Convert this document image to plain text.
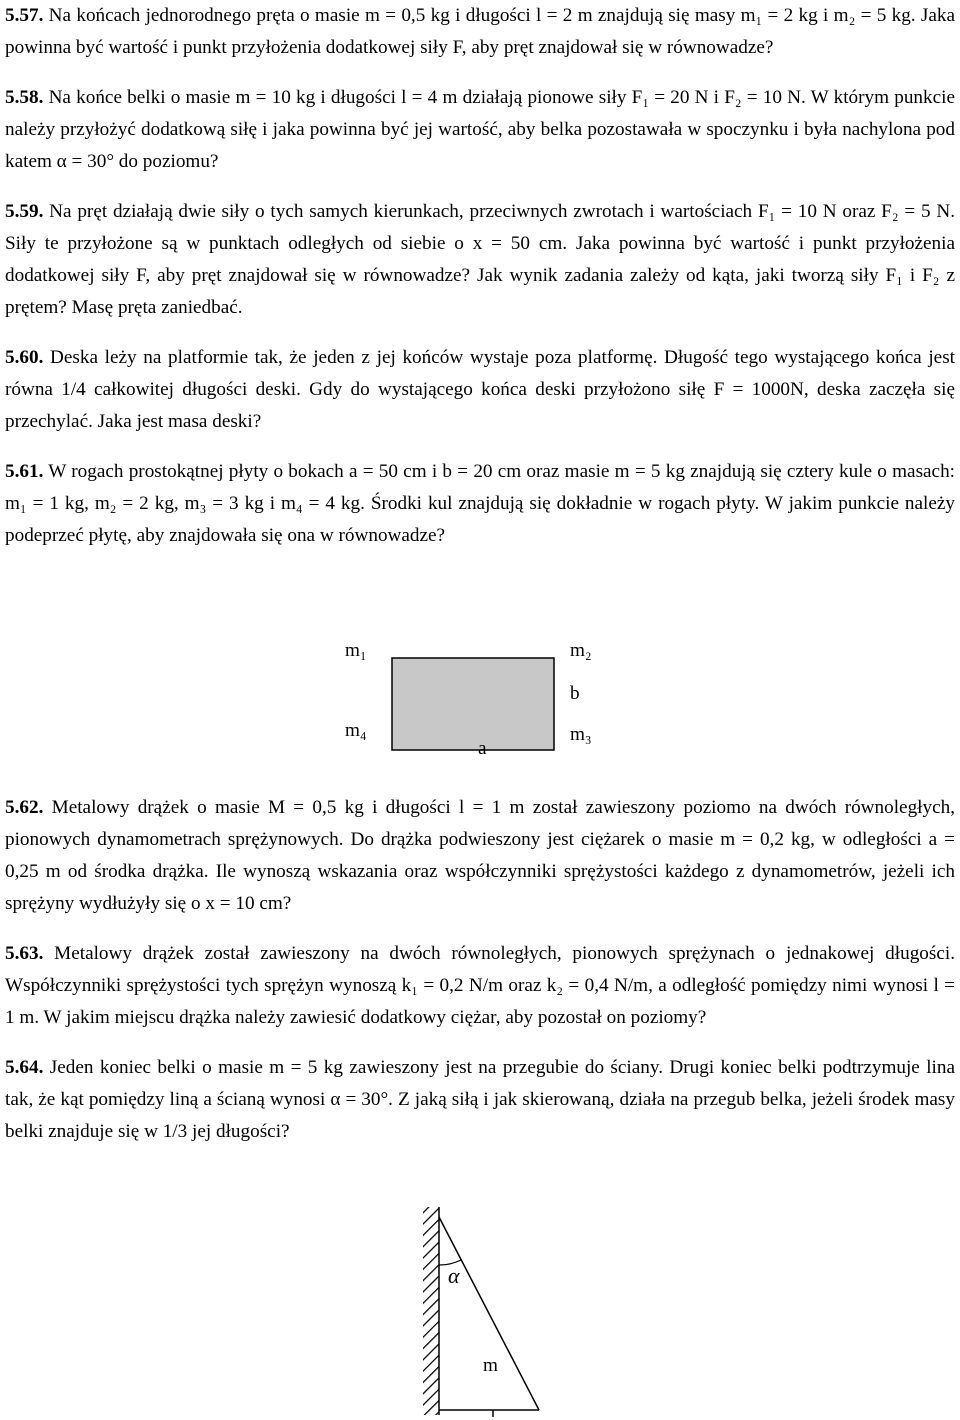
5.57. Na końcach jednorodnego pręta o masie m = 0,5 kg i długości l = 2 m znajdują się masy m₁ = 2 kg i m₂ = 5 kg. Jaka powinna być wartość i punkt przyłożenia dodatkowej siły F, aby pręt znajdował się w równowadze?

5.58. Na końce belki o masie m = 10 kg i długości l = 4 m działają pionowe siły F₁ = 20 N i F₂ = 10 N. W którym punkcie należy przyłożyć dodatkową siłę i jaka powinna być jej wartość, aby belka pozostawała w spoczynku i była nachylona pod katem α = 30° do poziomu?

5.59. Na pręt działają dwie siły o tych samych kierunkach, przeciwnych zwrotach i wartościach F₁ = 10 N oraz F₂ = 5 N. Siły te przyłożone są w punktach odległych od siebie o x = 50 cm. Jaka powinna być wartość i punkt przyłożenia dodatkowej siły F, aby pręt znajdował się w równowadze? Jak wynik zadania zależy od kąta, jaki tworzą siły F₁ i F₂ z prętem? Masę pręta zaniedbać.

5.60. Deska leży na platformie tak, że jeden z jej końców wystaje poza platformę. Długość tego wystającego końca jest równa 1/4 całkowitej długości deski. Gdy do wystającego końca deski przyłożono siłę F = 1000N, deska zaczęła się przechylać. Jaka jest masa deski?

5.61. W rogach prostokątnej płyty o bokach a = 50 cm i b = 20 cm oraz masie m = 5 kg znajdują się cztery kule o masach: m₁ = 1 kg, m₂ = 2 kg, m₃ = 3 kg i m₄ = 4 kg. Środki kul znajdują się dokładnie w rogach płyty. W jakim punkcie należy podeprzeć płytę, aby znajdowała się ona w równowadze?

m₁	m₂
b
m₄	m₃
a

5.62. Metalowy drążek o masie M = 0,5 kg i długości l = 1 m został zawieszony poziomo na dwóch równoległych, pionowych dynamometrach sprężynowych. Do drążka podwieszony jest ciężarek o masie m = 0,2 kg, w odległości a = 0,25 m od środka drążka. Ile wynoszą wskazania oraz współczynniki sprężystości każdego z dynamometrów, jeżeli ich sprężyny wydłużyły się o x = 10 cm?

5.63. Metalowy drążek został zawieszony na dwóch równoległych, pionowych sprężynach o jednakowej długości. Współczynniki sprężystości tych sprężyn wynoszą k₁ = 0,2 N/m oraz k₂ = 0,4 N/m, a odległość pomiędzy nimi wynosi l = 1 m. W jakim miejscu drążka należy zawiesić dodatkowy ciężar, aby pozostał on poziomy?

5.64. Jeden koniec belki o masie m = 5 kg zawieszony jest na przegubie do ściany. Drugi koniec belki podtrzymuje lina tak, że kąt pomiędzy liną a ścianą wynosi α = 30°. Z jaką siłą i jak skierowaną, działa na przegub belka, jeżeli środek masy belki znajduje się w 1/3 jej długości?

α
m
